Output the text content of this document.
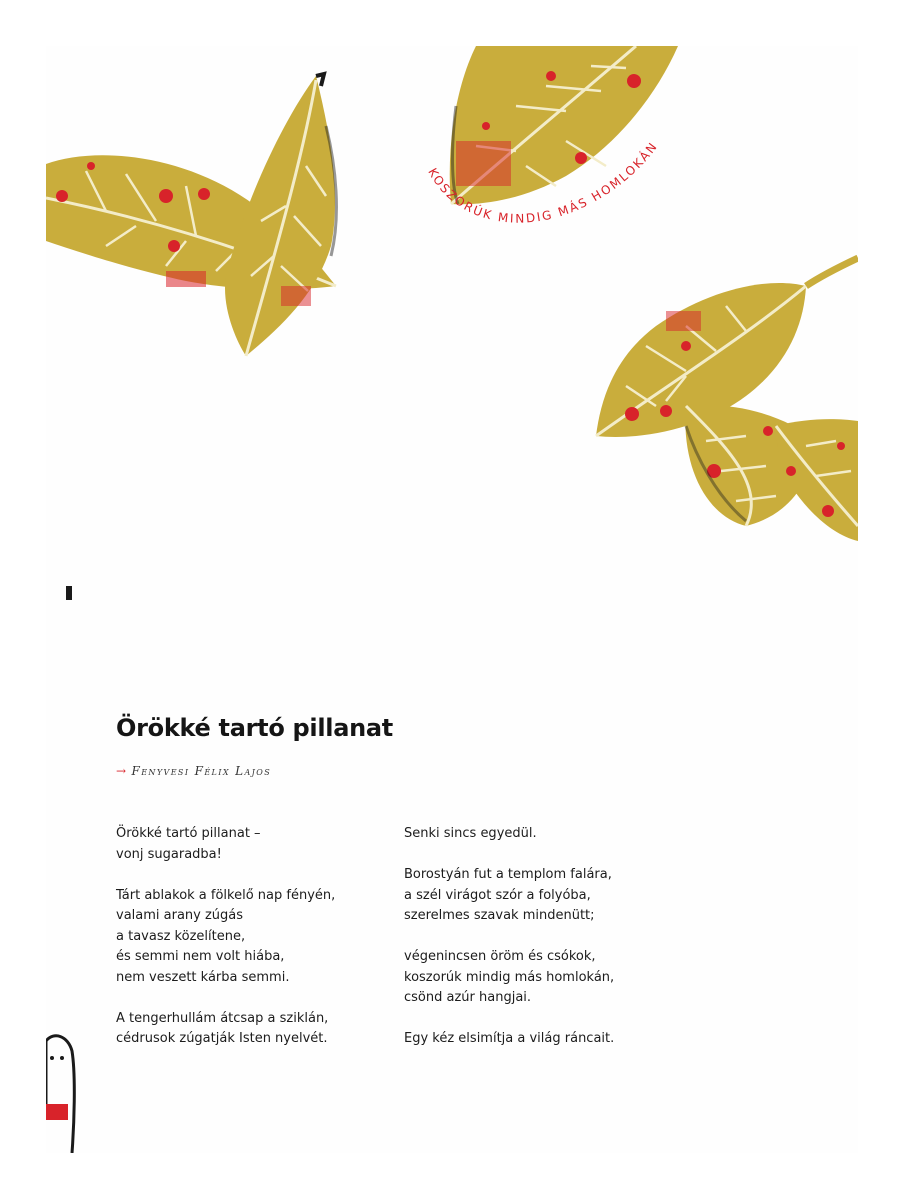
KOSZORÚK MINDIG MÁS HOMLOKÁN
Örökké tartó pillanat
→ Fenyvesi Félix Lajos

Örökké tartó pillanat –
vonj sugaradba!

Tárt ablakok a fölkelő nap fényén,
valami arany zúgás
a tavasz közelítene,
és semmi nem volt hiába,
nem veszett kárba semmi.

A tengerhullám átcsap a sziklán,
cédrusok zúgatják Isten nyelvét.

Senki sincs egyedül.

Borostyán fut a templom falára,
a szél virágot szór a folyóba,
szerelmes szavak mindenütt;

végenincsen öröm és csókok,
koszorúk mindig más homlokán,
csönd azúr hangjai.

Egy kéz elsimítja a világ ráncait.
